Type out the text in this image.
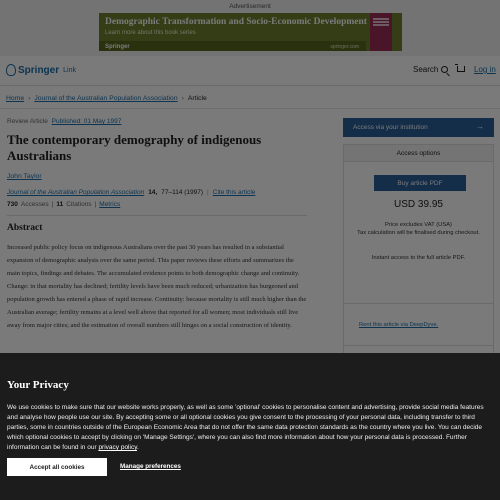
Your Privacy

We use cookies to make sure that our website works properly, as well as some 'optional' cookies to personalise content and advertising, provide social media features and analyse how people use our site. By accepting some or all optional cookies you give consent to the processing of your personal data, including transfer to third parties, some in countries outside of the European Economic Area that do not offer the same data protection standards as the country where you live. You can decide which optional cookies to accept by clicking on 'Manage Settings', where you can also find more information about how your personal data is processed. Further information can be found in our privacy policy.

Accept all cookies	Manage preferences
